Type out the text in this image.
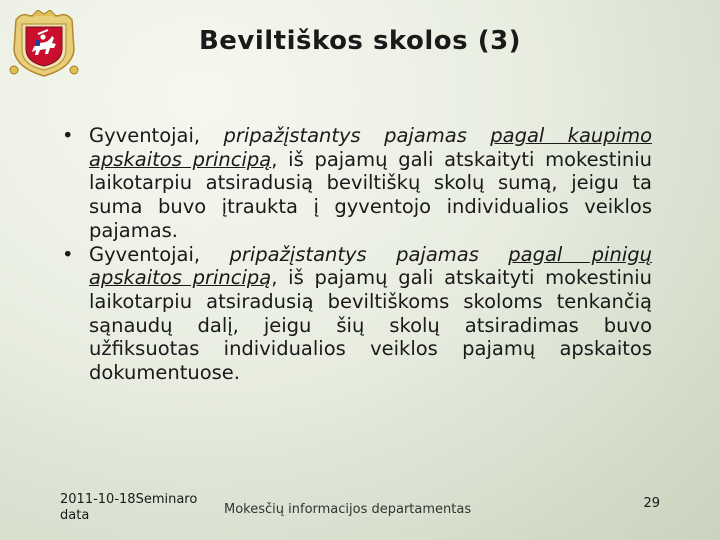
Beviltiškos skolos (3)
• Gyventojai, pripažįstantys pajamas pagal kaupimo apskaitos principą, iš pajamų gali atskaityti mokestiniu laikotarpiu atsiradusią beviltiškų skolų sumą, jeigu ta suma buvo įtraukta į gyventojo individualios veiklos pajamas.
• Gyventojai, pripažįstantys pajamas pagal pinigų apskaitos principą, iš pajamų gali atskaityti mokestiniu laikotarpiu atsiradusią beviltiškoms skoloms tenkančią sąnaudų dalį, jeigu šių skolų atsiradimas buvo užfiksuotas individualios veiklos pajamų apskaitos dokumentuose.
2011-10-18Seminaro data	Mokesčių informacijos departamentas	29
